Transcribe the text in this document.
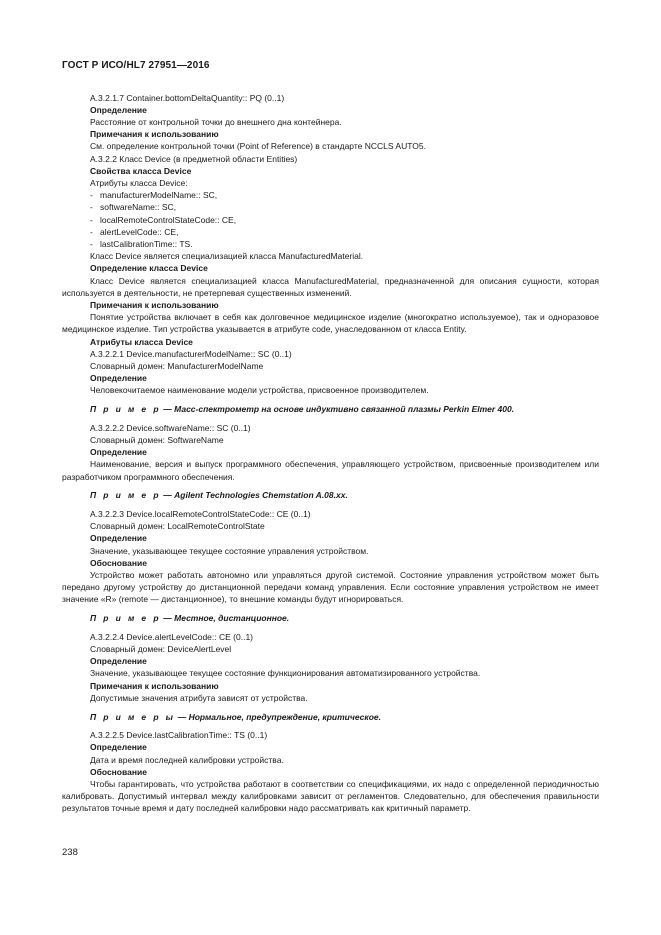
ГОСТ Р ИСО/HL7 27951—2016

А.3.2.1.7 Container.bottomDeltaQuantity:: PQ (0..1)

Определение

Расстояние от контрольной точки до внешнего дна контейнера.

Примечания к использованию

См. определение контрольной точки (Point of Reference) в стандарте NCCLS AUTO5.

А.3.2.2 Класс Device (в предметной области Entities)

Свойства класса Device

Атрибуты класса Device:

- manufacturerModelName:: SC,

- softwareName:: SC,

- localRemoteControlStateCode:: CE,

- alertLevelCode:: CE,

- lastCalibrationTime:: TS.

Класс Device является специализацией класса ManufacturedMaterial.

Определение класса Device

Класс Device является специализацией класса ManufacturedMaterial, предназначенной для описания сущности, которая используется в деятельности, не претерпевая существенных изменений.

Примечания к использованию

Понятие устройства включает в себя как долговечное медицинское изделие (многократно используемое), так и одноразовое медицинское изделие. Тип устройства указывается в атрибуте code, унаследованном от класса Entity.

Атрибуты класса Device

А.3.2.2.1 Device.manufacturerModelName:: SC (0..1)

Словарный домен: ManufacturerModelName

Определение

Человекочитаемое наименование модели устройства, присвоенное производителем.

П р и м е р — Масс-спектрометр на основе индуктивно связанной плазмы Perkin Elmer 400.

А.3.2.2.2 Device.softwareName:: SC (0..1)

Словарный домен: SoftwareName

Определение

Наименование, версия и выпуск программного обеспечения, управляющего устройством, присвоенные производителем или разработчиком программного обеспечения.

П р и м е р — Agilent Technologies Chemstation A.08.xx.

А.3.2.2.3 Device.localRemoteControlStateCode:: CE (0..1)

Словарный домен: LocalRemoteControlState

Определение

Значение, указывающее текущее состояние управления устройством.

Обоснование

Устройство может работать автономно или управляться другой системой. Состояние управления устройством может быть передано другому устройству до дистанционной передачи команд управления. Если состояние управления устройством не имеет значение «R» (remote — дистанционное), то внешние команды будут игнорироваться.

П р и м е р — Местное, дистанционное.

А.3.2.2.4 Device.alertLevelCode:: CE (0..1)

Словарный домен: DeviceAlertLevel

Определение

Значение, указывающее текущее состояние функционирования автоматизированного устройства.

Примечания к использованию

Допустимые значения атрибута зависят от устройства.

П р и м е р ы — Нормальное, предупреждение, критическое.

А.3.2.2.5 Device.lastCalibrationTime:: TS (0..1)

Определение

Дата и время последней калибровки устройства.

Обоснование

Чтобы гарантировать, что устройства работают в соответствии со спецификациями, их надо с определенной периодичностью калибровать. Допустимый интервал между калибровками зависит от регламентов. Следовательно, для обеспечения правильности результатов точные время и дату последней калибровки надо рассматривать как критичный параметр.

238
